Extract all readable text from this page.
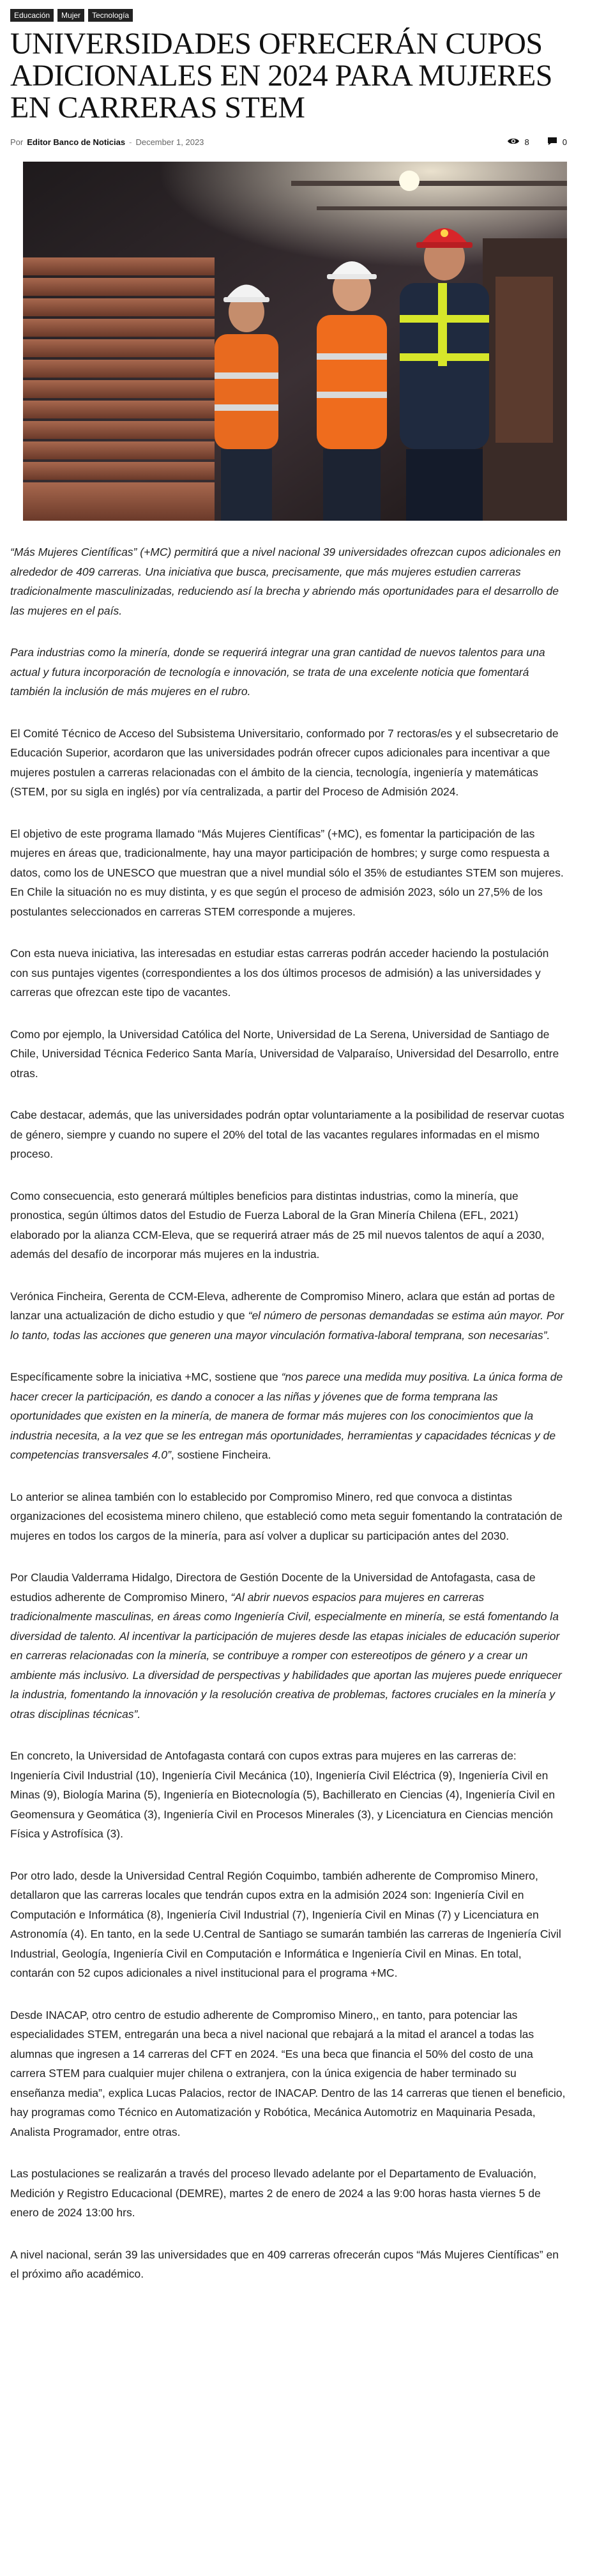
Educación	Mujer	Tecnología
UNIVERSIDADES OFRECERÁN CUPOS ADICIONALES EN 2024 PARA MUJERES EN CARRERAS STEM
Por Editor Banco de Noticias - December 1, 2023	8	0

“Más Mujeres Científicas” (+MC) permitirá que a nivel nacional 39 universidades ofrezcan cupos adicionales en alrededor de 409 carreras. Una iniciativa que busca, precisamente, que más mujeres estudien carreras tradicionalmente masculinizadas, reduciendo así la brecha y abriendo más oportunidades para el desarrollo de las mujeres en el país.

Para industrias como la minería, donde se requerirá integrar una gran cantidad de nuevos talentos para una actual y futura incorporación de tecnología e innovación, se trata de una excelente noticia que fomentará también la inclusión de más mujeres en el rubro.

El Comité Técnico de Acceso del Subsistema Universitario, conformado por 7 rectoras/es y el subsecretario de Educación Superior, acordaron que las universidades podrán ofrecer cupos adicionales para incentivar a que mujeres postulen a carreras relacionadas con el ámbito de la ciencia, tecnología, ingeniería y matemáticas (STEM, por su sigla en inglés) por vía centralizada, a partir del Proceso de Admisión 2024.

El objetivo de este programa llamado “Más Mujeres Científicas” (+MC), es fomentar la participación de las mujeres en áreas que, tradicionalmente, hay una mayor participación de hombres; y surge como respuesta a datos, como los de UNESCO que muestran que a nivel mundial sólo el 35% de estudiantes STEM son mujeres. En Chile la situación no es muy distinta, y es que según el proceso de admisión 2023, sólo un 27,5% de los postulantes seleccionados en carreras STEM corresponde a mujeres.

Con esta nueva iniciativa, las interesadas en estudiar estas carreras podrán acceder haciendo la postulación con sus puntajes vigentes (correspondientes a los dos últimos procesos de admisión) a las universidades y carreras que ofrezcan este tipo de vacantes.

Como por ejemplo, la Universidad Católica del Norte, Universidad de La Serena, Universidad de Santiago de Chile, Universidad Técnica Federico Santa María, Universidad de Valparaíso, Universidad del Desarrollo, entre otras.

Cabe destacar, además, que las universidades podrán optar voluntariamente a la posibilidad de reservar cuotas de género, siempre y cuando no supere el 20% del total de las vacantes regulares informadas en el mismo proceso.

Como consecuencia, esto generará múltiples beneficios para distintas industrias, como la minería, que pronostica, según últimos datos del Estudio de Fuerza Laboral de la Gran Minería Chilena (EFL, 2021) elaborado por la alianza CCM-Eleva, que se requerirá atraer más de 25 mil nuevos talentos de aquí a 2030, además del desafío de incorporar más mujeres en la industria.

Verónica Fincheira, Gerenta de CCM-Eleva, adherente de Compromiso Minero, aclara que están ad portas de lanzar una actualización de dicho estudio y que “el número de personas demandadas se estima aún mayor. Por lo tanto, todas las acciones que generen una mayor vinculación formativa-laboral temprana, son necesarias”.

Específicamente sobre la iniciativa +MC, sostiene que “nos parece una medida muy positiva. La única forma de hacer crecer la participación, es dando a conocer a las niñas y jóvenes que de forma temprana las oportunidades que existen en la minería, de manera de formar más mujeres con los conocimientos que la industria necesita, a la vez que se les entregan más oportunidades, herramientas y capacidades técnicas y de competencias transversales 4.0”, sostiene Fincheira.

Lo anterior se alinea también con lo establecido por Compromiso Minero, red que convoca a distintas organizaciones del ecosistema minero chileno, que estableció como meta seguir fomentando la contratación de mujeres en todos los cargos de la minería, para así volver a duplicar su participación antes del 2030.

Por Claudia Valderrama Hidalgo, Directora de Gestión Docente de la Universidad de Antofagasta, casa de estudios adherente de Compromiso Minero, “Al abrir nuevos espacios para mujeres en carreras tradicionalmente masculinas, en áreas como Ingeniería Civil, especialmente en minería, se está fomentando la diversidad de talento. Al incentivar la participación de mujeres desde las etapas iniciales de educación superior en carreras relacionadas con la minería, se contribuye a romper con estereotipos de género y a crear un ambiente más inclusivo. La diversidad de perspectivas y habilidades que aportan las mujeres puede enriquecer la industria, fomentando la innovación y la resolución creativa de problemas, factores cruciales en la minería y otras disciplinas técnicas”.

En concreto, la Universidad de Antofagasta contará con cupos extras para mujeres en las carreras de: Ingeniería Civil Industrial (10), Ingeniería Civil Mecánica (10), Ingeniería Civil Eléctrica (9), Ingeniería Civil en Minas (9), Biología Marina (5), Ingeniería en Biotecnología (5), Bachillerato en Ciencias (4), Ingeniería Civil en Geomensura y Geomática (3), Ingeniería Civil en Procesos Minerales (3), y Licenciatura en Ciencias mención Física y Astrofísica (3).

Por otro lado, desde la Universidad Central Región Coquimbo, también adherente de Compromiso Minero, detallaron que las carreras locales que tendrán cupos extra en la admisión 2024 son: Ingeniería Civil en Computación e Informática (8), Ingeniería Civil Industrial (7), Ingeniería Civil en Minas (7) y Licenciatura en Astronomía (4). En tanto, en la sede U.Central de Santiago se sumarán también las carreras de Ingeniería Civil Industrial, Geología, Ingeniería Civil en Computación e Informática e Ingeniería Civil en Minas. En total, contarán con 52 cupos adicionales a nivel institucional para el programa +MC.

Desde INACAP, otro centro de estudio adherente de Compromiso Minero,, en tanto, para potenciar las especialidades STEM, entregarán una beca a nivel nacional que rebajará a la mitad el arancel a todas las alumnas que ingresen a 14 carreras del CFT en 2024. “Es una beca que financia el 50% del costo de una carrera STEM para cualquier mujer chilena o extranjera, con la única exigencia de haber terminado su enseñanza media”, explica Lucas Palacios, rector de INACAP. Dentro de las 14 carreras que tienen el beneficio, hay programas como Técnico en Automatización y Robótica, Mecánica Automotriz en Maquinaria Pesada, Analista Programador, entre otras.

Las postulaciones se realizarán a través del proceso llevado adelante por el Departamento de Evaluación, Medición y Registro Educacional (DEMRE), martes 2 de enero de 2024 a las 9:00 horas hasta viernes 5 de enero de 2024 13:00 hrs.

A nivel nacional, serán 39 las universidades que en 409 carreras ofrecerán cupos “Más Mujeres Científicas” en el próximo año académico.
